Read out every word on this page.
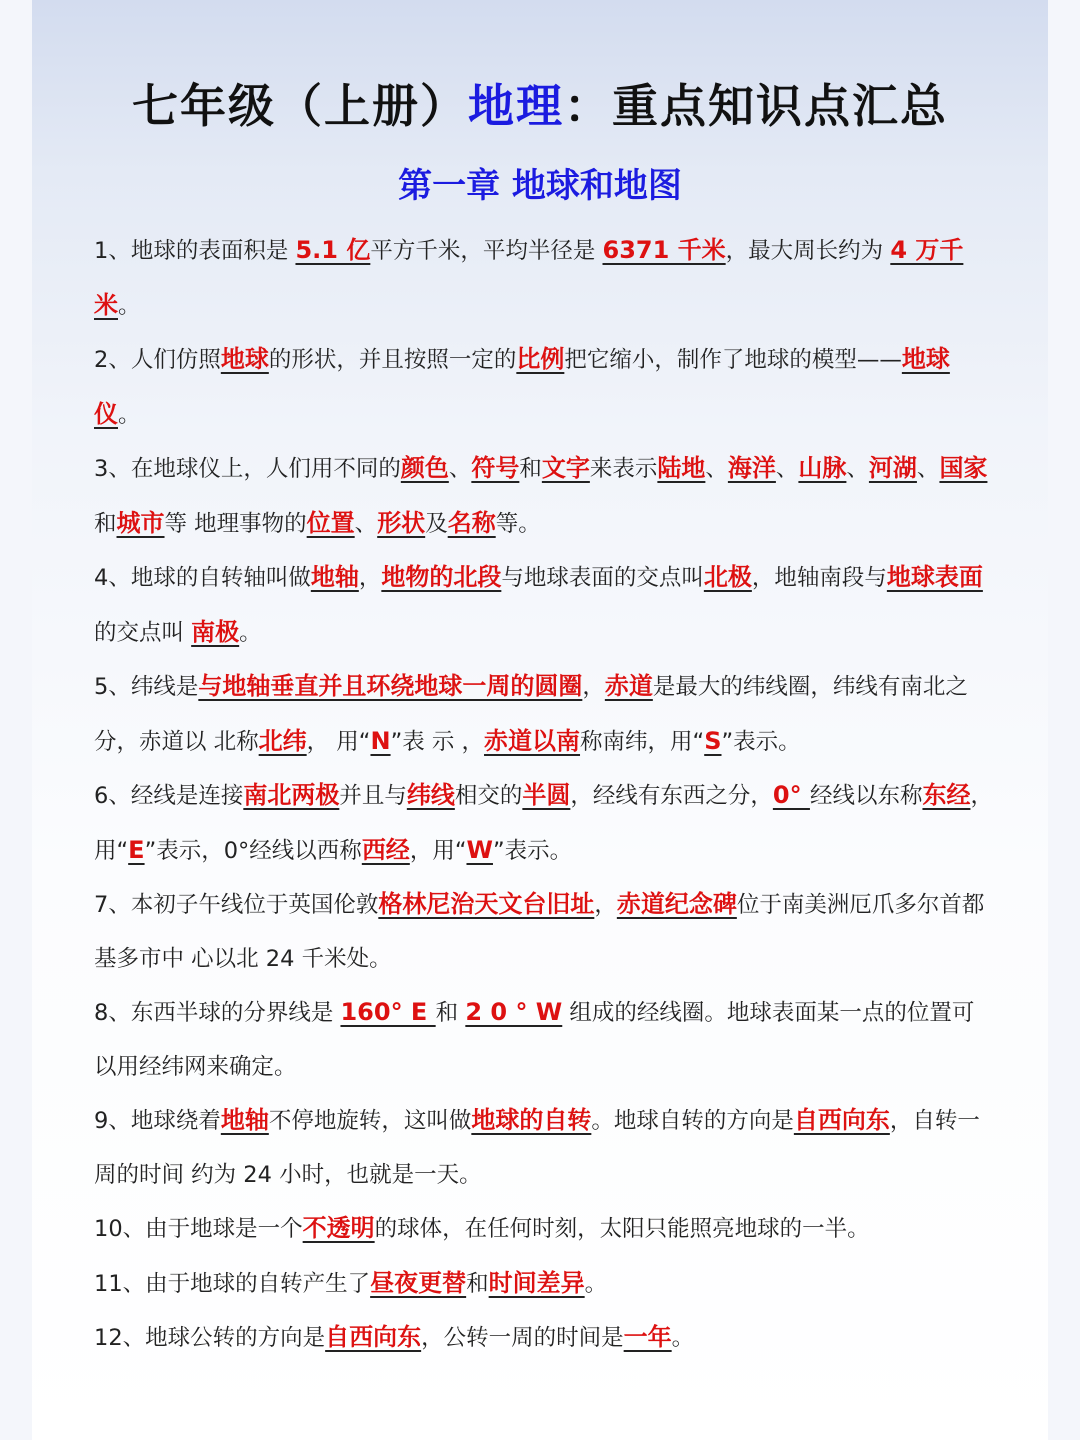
七年级（上册）地理：重点知识点汇总
第一章 地球和地图

1、地球的表面积是 5.1 亿平方千米，平均半径是 6371 千米，最大周长约为 4 万千米。

2、人们仿照地球的形状，并且按照一定的比例把它缩小，制作了地球的模型——地球仪。

3、在地球仪上，人们用不同的颜色、符号和文字来表示陆地、海洋、山脉、河湖、国家和城市等 地理事物的位置、形状及名称等。

4、地球的自转轴叫做地轴，地物的北段与地球表面的交点叫北极，地轴南段与地球表面的交点叫 南极。

5、纬线是与地轴垂直并且环绕地球一周的圆圈，赤道是最大的纬线圈，纬线有南北之分，赤道以 北称北纬， 用“N”表 示 ，赤道以南称南纬，用“S”表示。

6、经线是连接南北两极并且与纬线相交的半圆，经线有东西之分，0° 经线以东称东经， 用“E”表示，0°经线以西称西经，用“W”表示。

7、本初子午线位于英国伦敦格林尼治天文台旧址，赤道纪念碑位于南美洲厄爪多尔首都基多市中 心以北 24 千米处。

8、东西半球的分界线是 160° E 和 2 0 ° W 组成的经线圈。地球表面某一点的位置可以用经纬网来确定。

9、地球绕着地轴不停地旋转，这叫做地球的自转。地球自转的方向是自西向东，自转一周的时间 约为 24 小时，也就是一天。

10、由于地球是一个不透明的球体，在任何时刻，太阳只能照亮地球的一半。

11、由于地球的自转产生了昼夜更替和时间差异。

12、地球公转的方向是自西向东，公转一周的时间是一年。
